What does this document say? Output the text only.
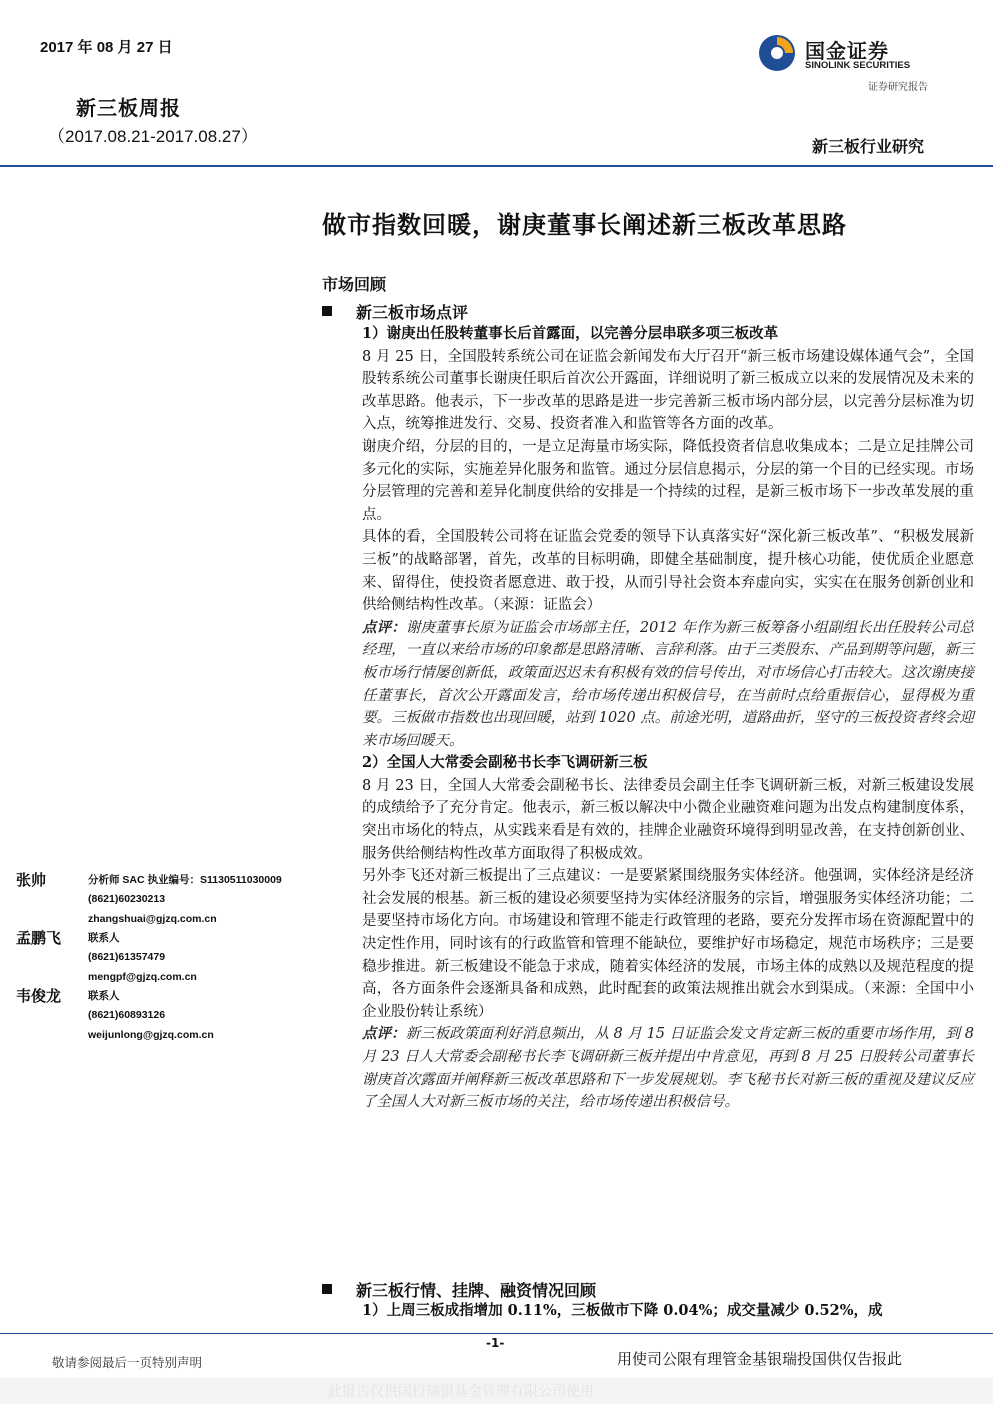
2017 年 08 月 27 日
新三板周报
（2017.08.21-2017.08.27）
国金证券
SINOLINK SECURITIES
证券研究报告
新三板行业研究
做市指数回暖，谢庚董事长阐述新三板改革思路
市场回顾
新三板市场点评

1）谢庚出任股转董事长后首露面，以完善分层串联多项三板改革

8 月 25 日，全国股转系统公司在证监会新闻发布大厅召开“新三板市场建设媒体通气会”，全国股转系统公司董事长谢庚任职后首次公开露面，详细说明了新三板成立以来的发展情况及未来的改革思路。他表示，下一步改革的思路是进一步完善新三板市场内部分层，以完善分层标准为切入点，统筹推进发行、交易、投资者准入和监管等各方面的改革。

谢庚介绍，分层的目的，一是立足海量市场实际，降低投资者信息收集成本；二是立足挂牌公司多元化的实际，实施差异化服务和监管。通过分层信息揭示，分层的第一个目的已经实现。市场分层管理的完善和差异化制度供给的安排是一个持续的过程，是新三板市场下一步改革发展的重点。

具体的看，全国股转公司将在证监会党委的领导下认真落实好“深化新三板改革”、“积极发展新三板”的战略部署，首先，改革的目标明确，即健全基础制度，提升核心功能，使优质企业愿意来、留得住，使投资者愿意进、敢于投，从而引导社会资本弃虚向实，实实在在服务创新创业和供给侧结构性改革。（来源：证监会）

点评：谢庚董事长原为证监会市场部主任，2012 年作为新三板筹备小组副组长出任股转公司总经理，一直以来给市场的印象都是思路清晰、言辞利落。由于三类股东、产品到期等问题，新三板市场行情屡创新低，政策面迟迟未有积极有效的信号传出，对市场信心打击较大。这次谢庚接任董事长，首次公开露面发言，给市场传递出积极信号，在当前时点给重振信心，显得极为重要。三板做市指数也出现回暖，站到 1020 点。前途光明，道路曲折，坚守的三板投资者终会迎来市场回暖天。

2）全国人大常委会副秘书长李飞调研新三板

8 月 23 日，全国人大常委会副秘书长、法律委员会副主任李飞调研新三板，对新三板建设发展的成绩给予了充分肯定。他表示，新三板以解决中小微企业融资难问题为出发点构建制度体系，突出市场化的特点，从实践来看是有效的，挂牌企业融资环境得到明显改善，在支持创新创业、服务供给侧结构性改革方面取得了积极成效。

另外李飞还对新三板提出了三点建议：一是要紧紧围绕服务实体经济。他强调，实体经济是经济社会发展的根基。新三板的建设必须要坚持为实体经济服务的宗旨，增强服务实体经济功能；二是要坚持市场化方向。市场建设和管理不能走行政管理的老路，要充分发挥市场在资源配置中的决定性作用，同时该有的行政监管和管理不能缺位，要维护好市场稳定，规范市场秩序；三是要稳步推进。新三板建设不能急于求成，随着实体经济的发展，市场主体的成熟以及规范程度的提高，各方面条件会逐渐具备和成熟，此时配套的政策法规推出就会水到渠成。（来源：全国中小企业股份转让系统）

点评：新三板政策面利好消息频出，从 8 月 15 日证监会发文肯定新三板的重要市场作用，到 8 月 23 日人大常委会副秘书长李飞调研新三板并提出中肯意见，再到 8 月 25 日股转公司董事长谢庚首次露面并阐释新三板改革思路和下一步发展规划。李飞秘书长对新三板的重视及建议反应了全国人大对新三板市场的关注，给市场传递出积极信号。

新三板行情、挂牌、融资情况回顾

1）上周三板成指增加 0.11%，三板做市下降 0.04%；成交量减少 0.52%，成

张帅	分析师 SAC 执业编号：S1130511030009
(8621)60230213
zhangshuai@gjzq.com.cn
孟鹏飞	联系人
(8621)61357479
mengpf@gjzq.com.cn
韦俊龙	联系人
(8621)60893126
weijunlong@gjzq.com.cn
-1-
敬请参阅最后一页特别声明	用使司公限有理管金基银瑞投国供仅告报此
此报告仅供国投瑞银基金管理有限公司使用
